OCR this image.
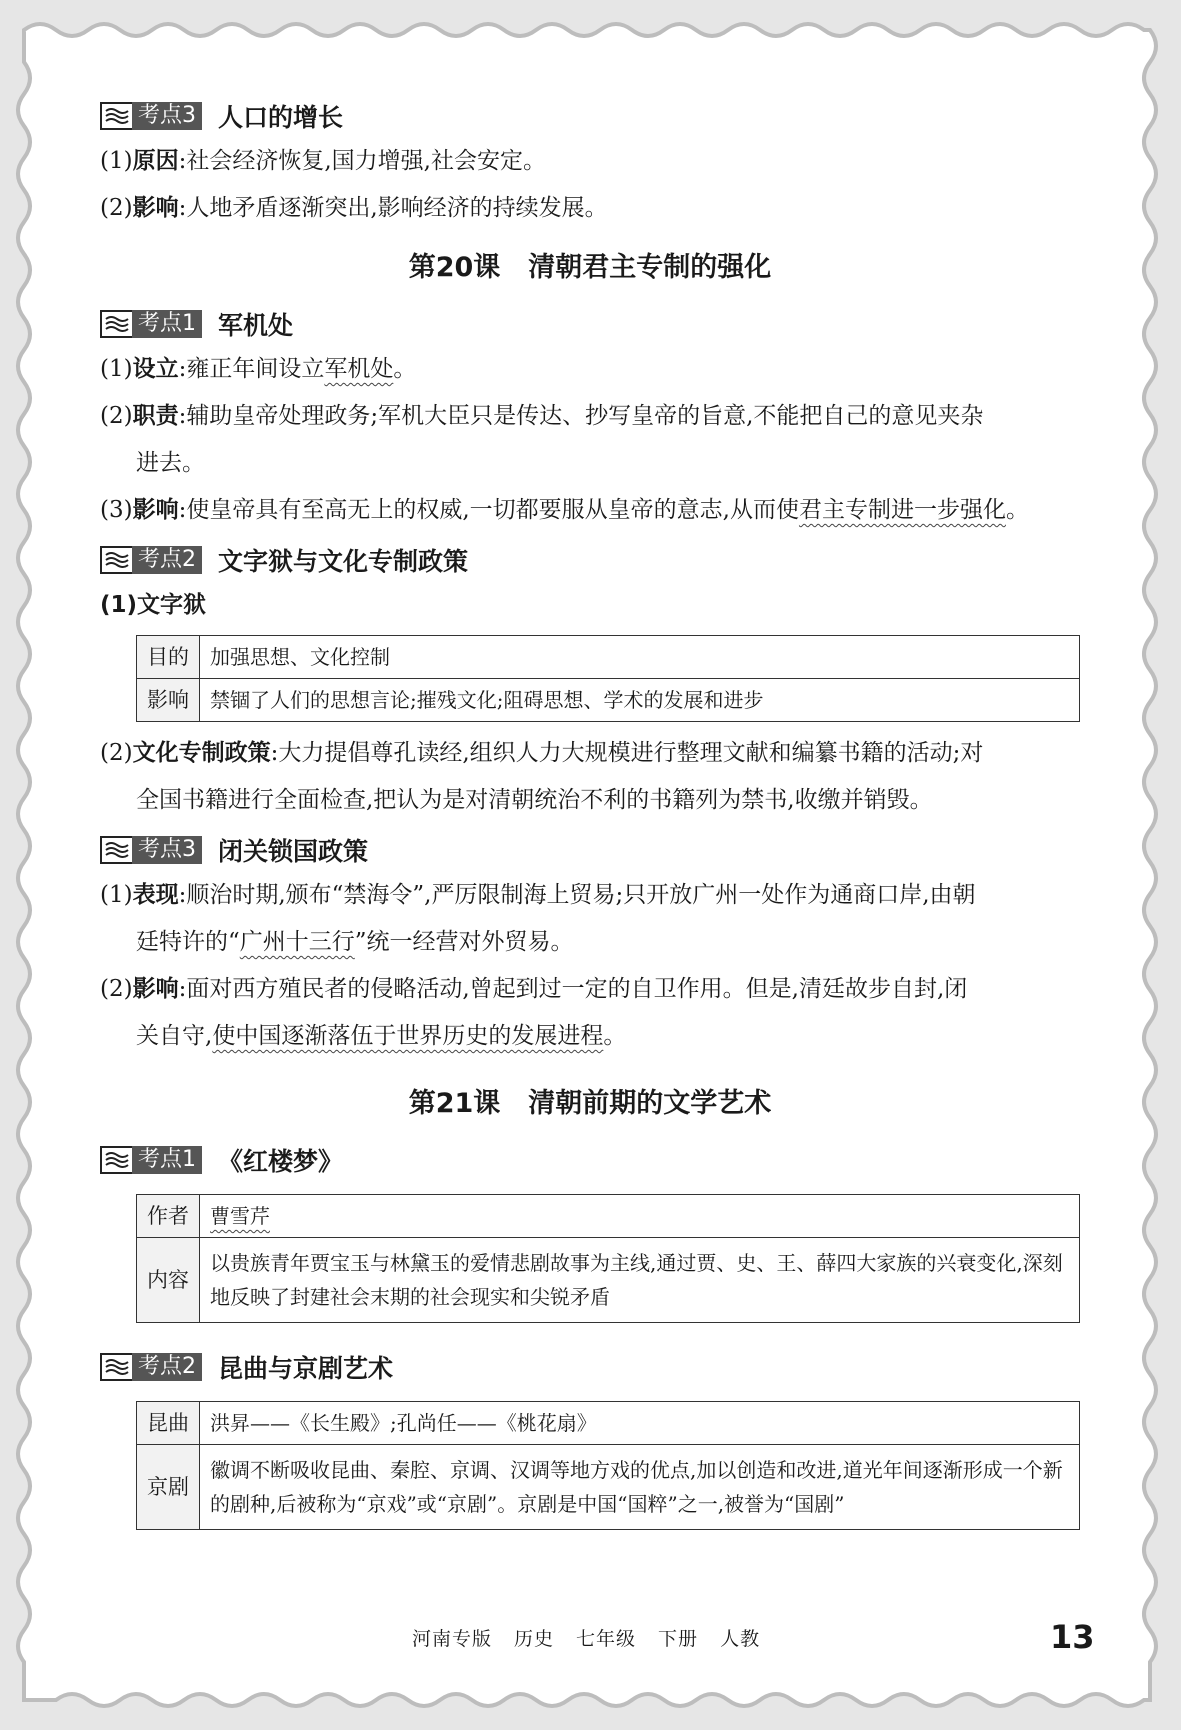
考点3 人口的增长
(1)原因:社会经济恢复,国力增强,社会安定。
(2)影响:人地矛盾逐渐突出,影响经济的持续发展。
第20课 清朝君主专制的强化
考点1 军机处
(1)设立:雍正年间设立军机处。
(2)职责:辅助皇帝处理政务;军机大臣只是传达、抄写皇帝的旨意,不能把自己的意见夹杂
进去。
(3)影响:使皇帝具有至高无上的权威,一切都要服从皇帝的意志,从而使君主专制进一步强化。
考点2 文字狱与文化专制政策
(1)文字狱
目的	加强思想、文化控制
影响	禁锢了人们的思想言论;摧残文化;阻碍思想、学术的发展和进步
(2)文化专制政策:大力提倡尊孔读经,组织人力大规模进行整理文献和编纂书籍的活动;对
全国书籍进行全面检查,把认为是对清朝统治不利的书籍列为禁书,收缴并销毁。
考点3 闭关锁国政策
(1)表现:顺治时期,颁布“禁海令”,严厉限制海上贸易;只开放广州一处作为通商口岸,由朝
廷特许的“广州十三行”统一经营对外贸易。
(2)影响:面对西方殖民者的侵略活动,曾起到过一定的自卫作用。但是,清廷故步自封,闭
关自守,使中国逐渐落伍于世界历史的发展进程。
第21课 清朝前期的文学艺术
考点1 《红楼梦》
作者	曹雪芹
内容	以贵族青年贾宝玉与林黛玉的爱情悲剧故事为主线,通过贾、史、王、薛四大家族的兴衰变化,深刻地反映了封建社会末期的社会现实和尖锐矛盾
考点2 昆曲与京剧艺术
昆曲	洪昇——《长生殿》;孔尚任——《桃花扇》
京剧	徽调不断吸收昆曲、秦腔、京调、汉调等地方戏的优点,加以创造和改进,道光年间逐渐形成一个新的剧种,后被称为“京戏”或“京剧”。京剧是中国“国粹”之一,被誉为“国剧”
河南专版 历史 七年级 下册 人教	13
